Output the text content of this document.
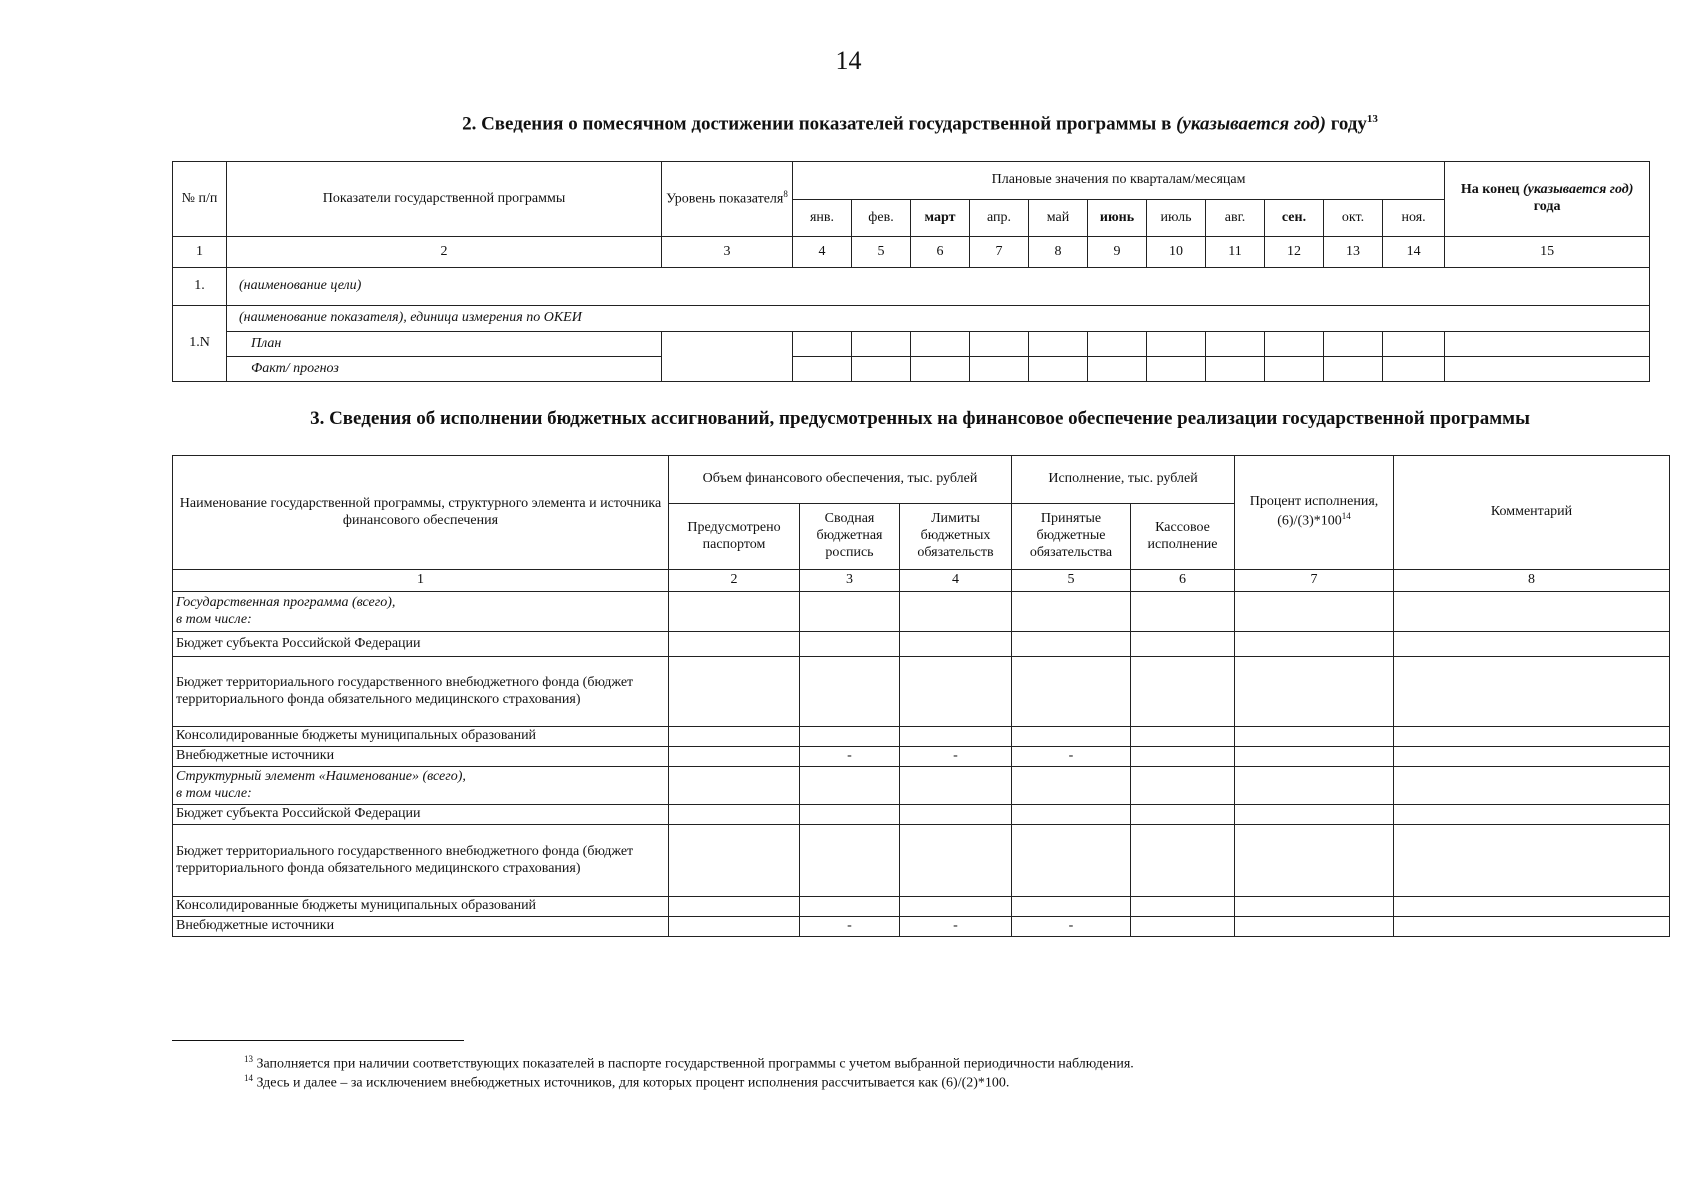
14
2. Сведения о помесячном достижении показателей государственной программы в (указывается год) году$^{13}$
№ п/п	Показатели государственной программы	Уровень показателя$^8$	Плановые значения по кварталам/месяцам											На конец (указывается год) года
			янв.	фев.	март	апр.	май	июнь	июль	авг.	сен.	окт.	ноя.	
1	2	3	4	5	6	7	8	9	10	11	12	13	14	15
1.	(наименование цели)													
1.N	(наименование показателя), единица измерения по ОКЕИ													
	План													
	Факт/ прогноз													
3. Сведения об исполнении бюджетных ассигнований, предусмотренных на финансовое обеспечение реализации государственной программы
Наименование государственной программы, структурного элемента и источника финансового обеспечения	Объем финансового обеспечения, тыс. рублей			Исполнение, тыс. рублей		Процент исполнения, $(6)/(3)*100^{14}$	Комментарий
	Предусмотрено паспортом	Сводная бюджетная роспись	Лимиты бюджетных обязательств	Принятые бюджетные обязательства	Кассовое исполнение		
1	2	3	4	5	6	7	8
Государственная программа (всего),
в том числе:							
Бюджет субъекта Российской Федерации							
Бюджет территориального государственного внебюджетного фонда (бюджет территориального фонда обязательного медицинского страхования)							
Консолидированные бюджеты муниципальных образований							
Внебюджетные источники		-	-	-			
Структурный элемент «Наименование» (всего),
в том числе:							
Бюджет субъекта Российской Федерации							
Бюджет территориального государственного внебюджетного фонда (бюджет территориального фонда обязательного медицинского страхования)							
Консолидированные бюджеты муниципальных образований							
Внебюджетные источники		-	-	-			
$^{13}$ Заполняется при наличии соответствующих показателей в паспорте государственной программы с учетом выбранной периодичности наблюдения.
$^{14}$ Здесь и далее – за исключением внебюджетных источников, для которых процент исполнения рассчитывается как (6)/(2)*100.
